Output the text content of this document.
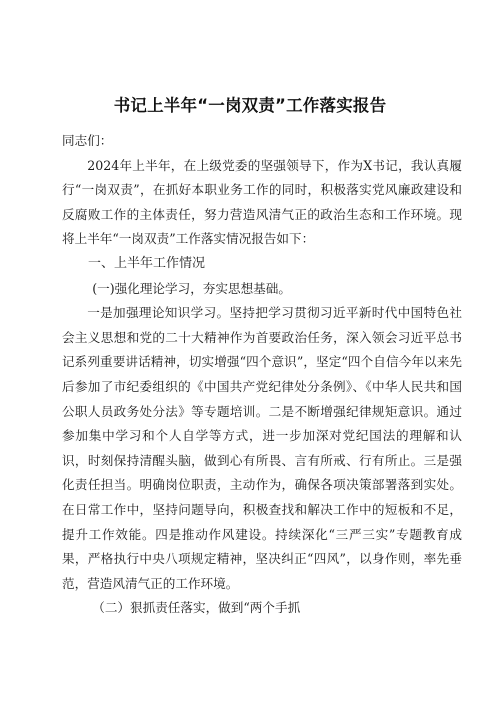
书记上半年“一岗双责”工作落实报告

同志们：

2024年上半年，在上级党委的坚强领导下，作为X书记，我认真履行“一岗双责”，在抓好本职业务工作的同时，积极落实党风廉政建设和反腐败工作的主体责任，努力营造风清气正的政治生态和工作环境。现将上半年“一岗双责”工作落实情况报告如下：

一、上半年工作情况

(一)强化理论学习，夯实思想基础。

一是加强理论知识学习。坚持把学习贯彻习近平新时代中国特色社会主义思想和党的二十大精神作为首要政治任务，深入领会习近平总书记系列重要讲话精神，切实增强“四个意识”，坚定“四个自信今年以来先后参加了市纪委组织的《中国共产党纪律处分条例》、《中华人民共和国公职人员政务处分法》等专题培训。二是不断增强纪律规矩意识。通过参加集中学习和个人自学等方式，进一步加深对党纪国法的理解和认识，时刻保持清醒头脑，做到心有所畏、言有所戒、行有所止。三是强化责任担当。明确岗位职责，主动作为，确保各项决策部署落到实处。在日常工作中，坚持问题导向，积极查找和解决工作中的短板和不足，提升工作效能。四是推动作风建设。持续深化“三严三实”专题教育成果，严格执行中央八项规定精神，坚决纠正“四风”，以身作则，率先垂范，营造风清气正的工作环境。

（二）狠抓责任落实，做到“两个手抓
